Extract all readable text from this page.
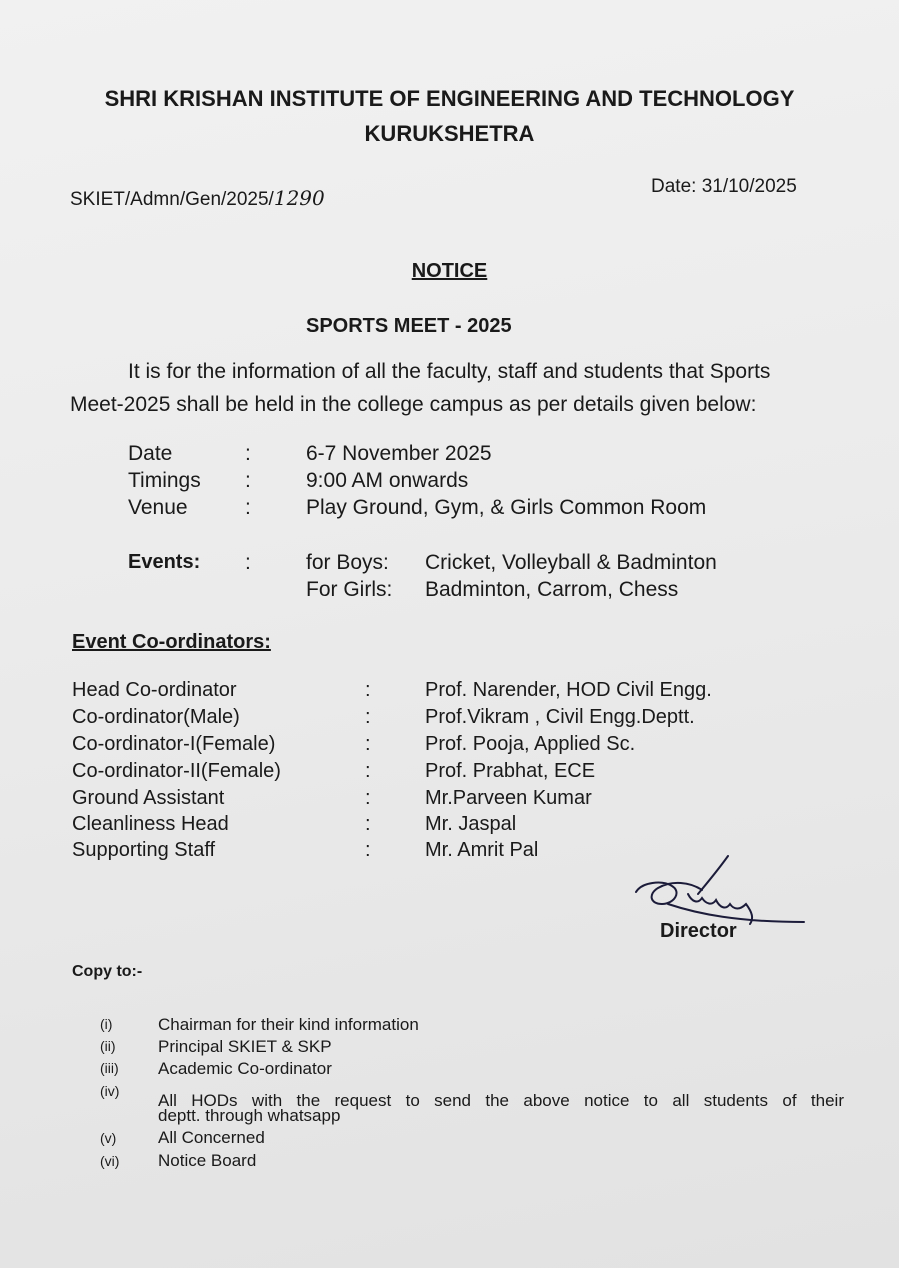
SHRI KRISHAN INSTITUTE OF ENGINEERING AND TECHNOLOGY
KURUKSHETRA
SKIET/Admn/Gen/2025/1290	Date: 31/10/2025
NOTICE
SPORTS MEET - 2025
It is for the information of all the faculty, staff and students that Sports
Meet-2025 shall be held in the college campus as per details given below:
Date	:	6-7 November 2025
Timings :	9:00 AM onwards
Venue	:	Play Ground, Gym, & Girls Common Room
Events: :	for Boys: Cricket, Volleyball & Badminton
For Girls: Badminton, Carrom, Chess
Event Co-ordinators:
Head Co-ordinator	:	Prof. Narender, HOD Civil Engg.
Co-ordinator(Male)	:	Prof.Vikram , Civil Engg.Deptt.
Co-ordinator-I(Female)	:	Prof. Pooja, Applied Sc.
Co-ordinator-II(Female)	:	Prof. Prabhat, ECE
Ground Assistant	:	Mr.Parveen Kumar
Cleanliness Head	:	Mr. Jaspal
Supporting Staff	:	Mr. Amrit Pal
Director
Copy to:-
(i)	Chairman for their kind information
(ii) Principal SKIET & SKP
(iii) Academic Co-ordinator
(iv) All HODs with the request to send the above notice to all students of their
deptt. through whatsapp
(v) All Concerned
(vi) Notice Board
